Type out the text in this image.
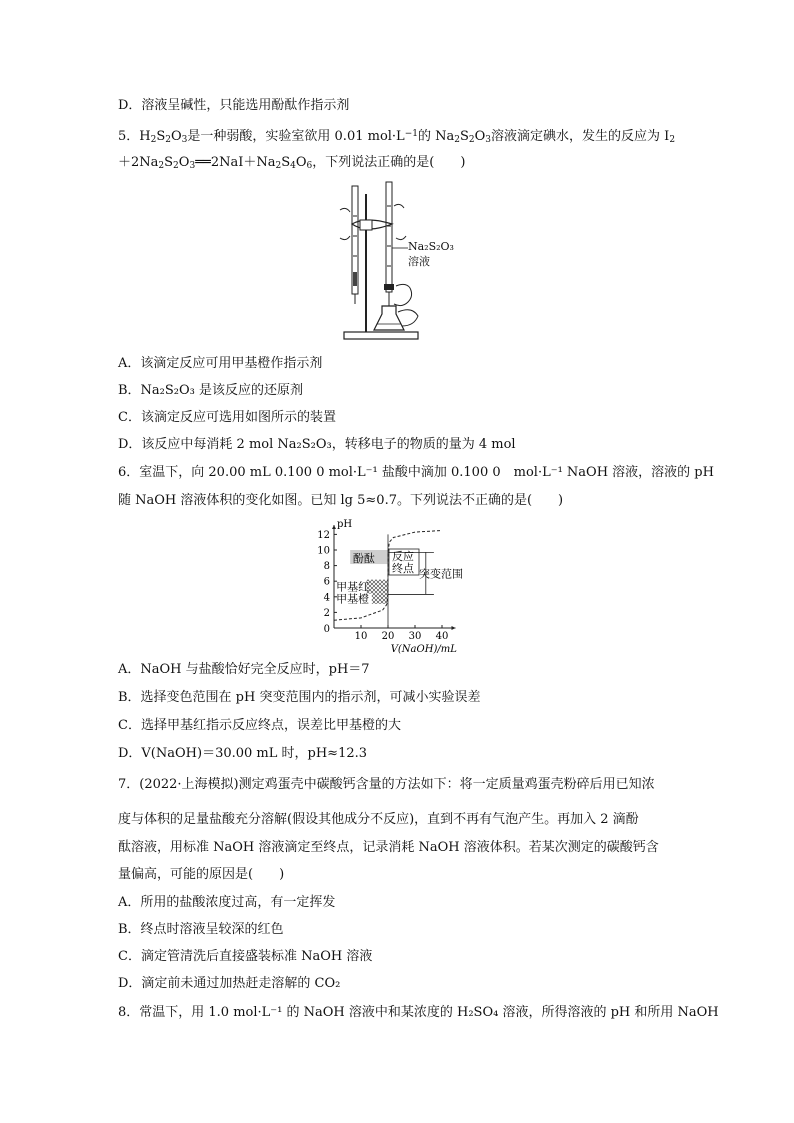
D．溶液呈碱性，只能选用酚酞作指示剂
5．$H_2S_2O_3$是一种弱酸，实验室欲用 0.01 $mol\cdot L^{-1}$的 $Na_2S_2O_3$溶液滴定碘水，发生的反应为 $I_2$
$+2Na_2S_2O_3══2NaI+Na_2S_4O_6$，下列说法正确的是(　　)
Na₂S₂O₃
溶液
A．该滴定反应可用甲基橙作指示剂
B．Na₂S₂O₃ 是该反应的还原剂
C．该滴定反应可选用如图所示的装置
D．该反应中每消耗 2 mol Na₂S₂O₃，转移电子的物质的量为 4 mol
6．室温下，向 20.00 mL 0.100 0 mol·L⁻¹ 盐酸中滴加 0.100 0　mol·L⁻¹ NaOH 溶液，溶液的 pH
随 NaOH 溶液体积的变化如图。已知 lg 5≈0.7。下列说法不正确的是(　　)
2
4
6
8
10
12
10 20 30 40
0
pH
V(NaOH)/mL
酚酞
甲基红
甲基橙
反应
终点 突变范围
A．NaOH 与盐酸恰好完全反应时，pH＝7
B．选择变色范围在 pH 突变范围内的指示剂，可减小实验误差
C．选择甲基红指示反应终点，误差比甲基橙的大
D．V(NaOH)＝30.00 mL 时，pH≈12.3
7．(2022·上海模拟)测定鸡蛋壳中碳酸钙含量的方法如下：将一定质量鸡蛋壳粉碎后用已知浓
度与体积的足量盐酸充分溶解(假设其他成分不反应)，直到不再有气泡产生。再加入 2 滴酚
酞溶液，用标准 NaOH 溶液滴定至终点，记录消耗 NaOH 溶液体积。若某次测定的碳酸钙含
量偏高，可能的原因是(　　)
A．所用的盐酸浓度过高，有一定挥发
B．终点时溶液呈较深的红色
C．滴定管清洗后直接盛装标准 NaOH 溶液
D．滴定前未通过加热赶走溶解的 CO₂
8．常温下，用 1.0 mol·L⁻¹ 的 NaOH 溶液中和某浓度的 H₂SO₄ 溶液，所得溶液的 pH 和所用 NaOH
